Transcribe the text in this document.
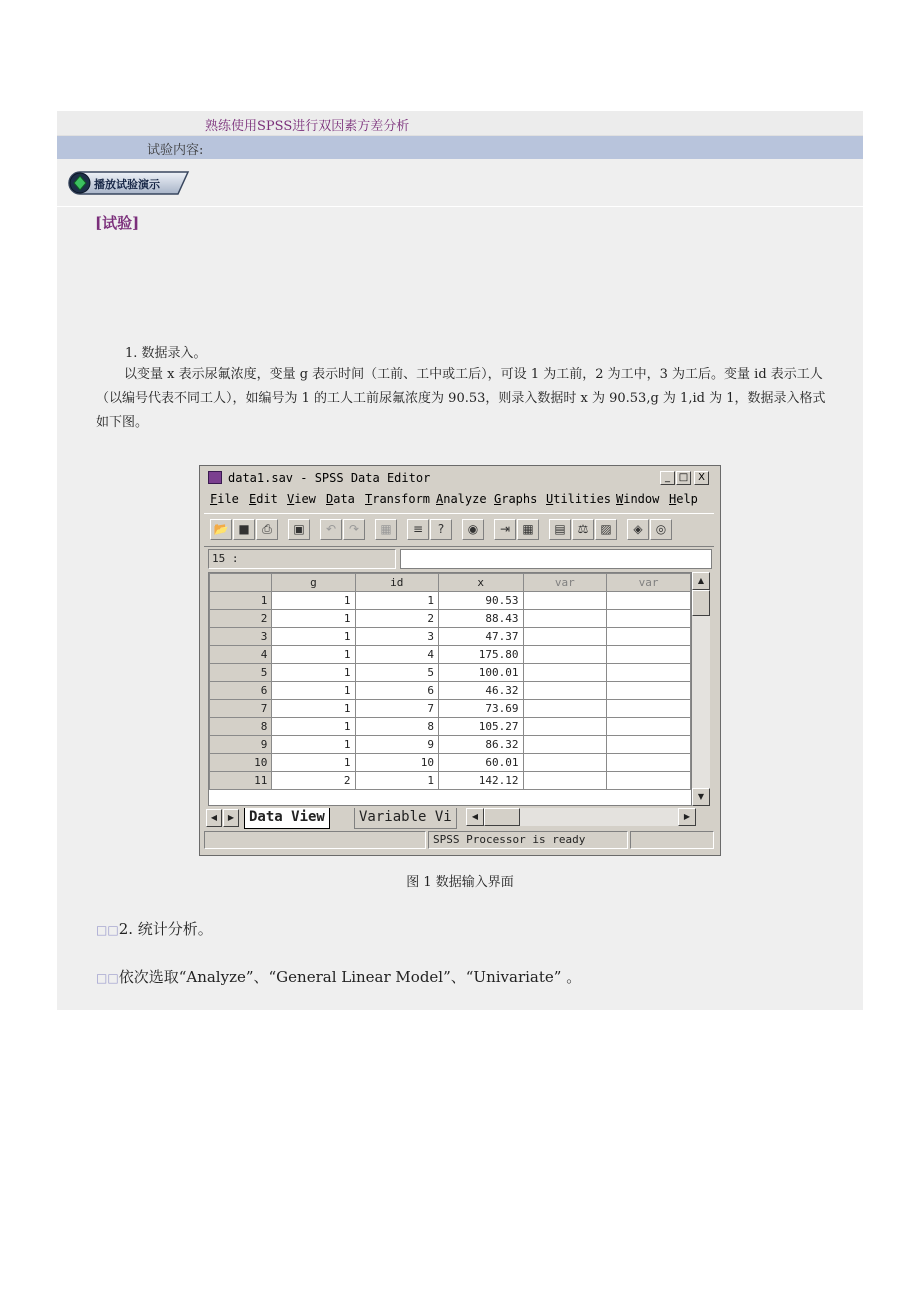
熟练使用SPSS进行双因素方差分析
试验内容:
播放试验演示
[试验]
1. 数据录入。
以变量 x 表示尿氟浓度，变量 g 表示时间（工前、工中或工后），可设 1 为工前，2 为工中，3 为工后。变量 id 表示工人（以编号代表不同工人），如编号为 1 的工人工前尿氟浓度为 90.53，则录入数据时 x 为 90.53,g 为 1,id 为 1，数据录入格式如下图。
data1.sav - SPSS Data Editor	_ □ X
File Edit View Data Transform Analyze Graphs Utilities Window Help
📂 ■	⎙	▣	↶	↷	▦	≡	?	◉	⇥	▦	▤ ⚖ ▨	◈	◎
15 :
	g	id	x	var	var
1	1	1	90.53		
2	1	2	88.43		
3	1	3	47.37		
4	1	4	175.80		
5	1	5	100.01		
6	1	6	46.32		
7	1	7	73.69		
8	1	8	105.27		
9	1	9	86.32		
10	1	10	60.01		
11	2	1	142.12		
▲
▼
◀	▶	Data View	Variable Vi	◀	▶
SPSS Processor is ready
图 1 数据输入界面
□□2. 统计分析。
□□依次选取“Analyze”、“General Linear Model”、“Univariate” 。
